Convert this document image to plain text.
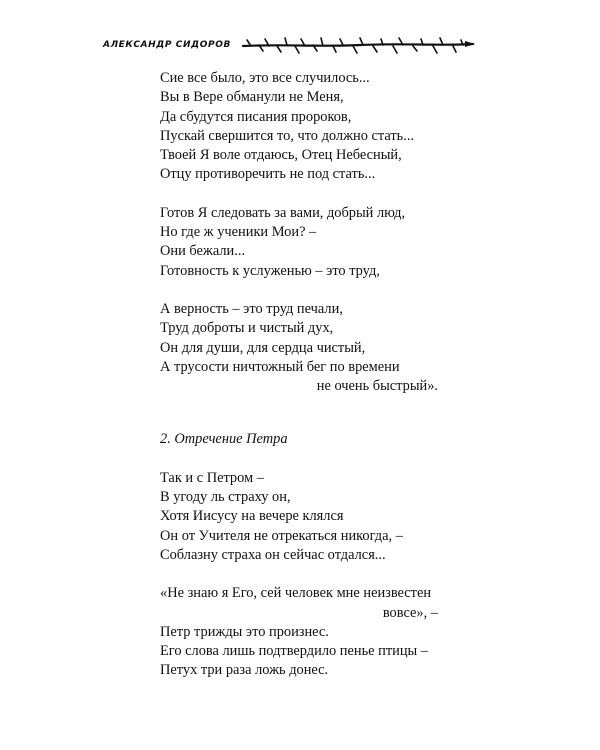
АЛЕКСАНДР СИДОРОВ
Сие все было, это все случилось...
Вы в Вере обманули не Меня,
Да сбудутся писания пророков,
Пускай свершится то, что должно стать...
Твоей Я воле отдаюсь, Отец Небесный,
Отцу противоречить не под стать...
Готов Я следовать за вами, добрый люд,
Но где ж ученики Мои? –
Они бежали...
Готовность к услуженью – это труд,
А верность – это труд печали,
Труд доброты и чистый дух,
Он для души, для сердца чистый,
А трусости ничтожный бег по времени
не очень быстрый».
2. Отречение Петра
Так и с Петром –
В угоду ль страху он,
Хотя Иисусу на вечере клялся
Он от Учителя не отрекаться никогда, –
Соблазну страха он сейчас отдался...
«Не знаю я Его, сей человек мне неизвестен
вовсе», –
Петр трижды это произнес.
Его слова лишь подтвердило пенье птицы –
Петух три раза ложь донес.
